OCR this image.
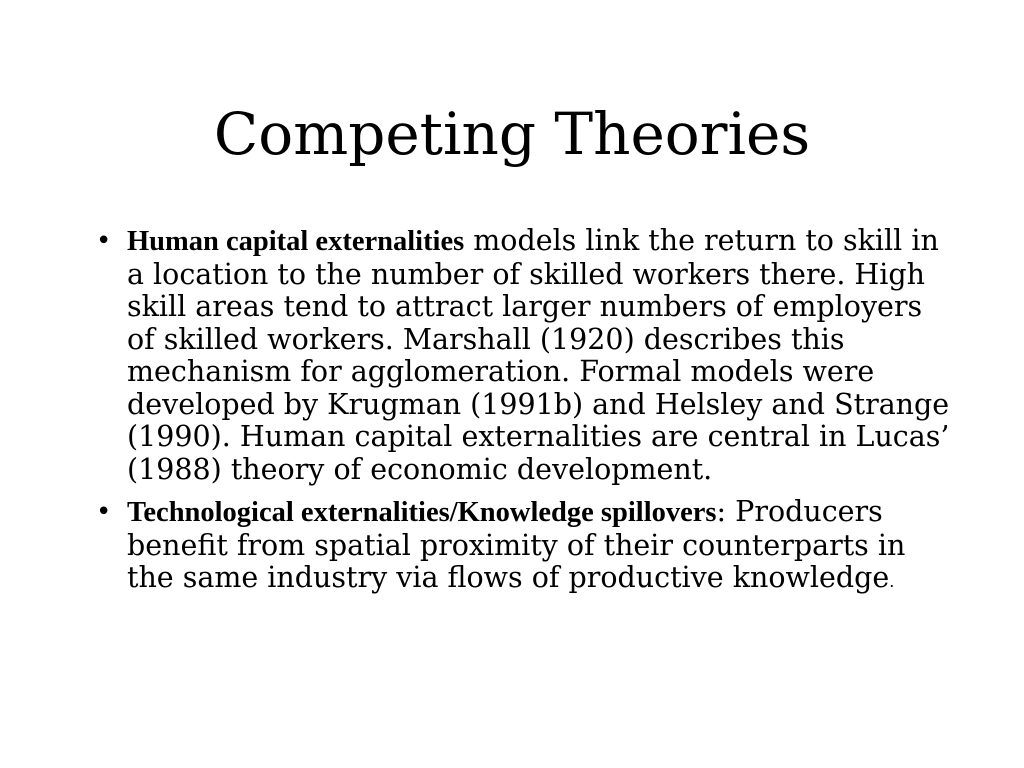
Competing Theories
• Human capital externalities models link the return to skill in a location to the number of skilled workers there. High skill areas tend to attract larger numbers of employers of skilled workers. Marshall (1920) describes this mechanism for agglomeration. Formal models were developed by Krugman (1991b) and Helsley and Strange (1990). Human capital externalities are central in Lucas’ (1988) theory of economic development.
• Technological externalities/Knowledge spillovers: Producers benefit from spatial proximity of their counterparts in the same industry via flows of productive knowledge.
